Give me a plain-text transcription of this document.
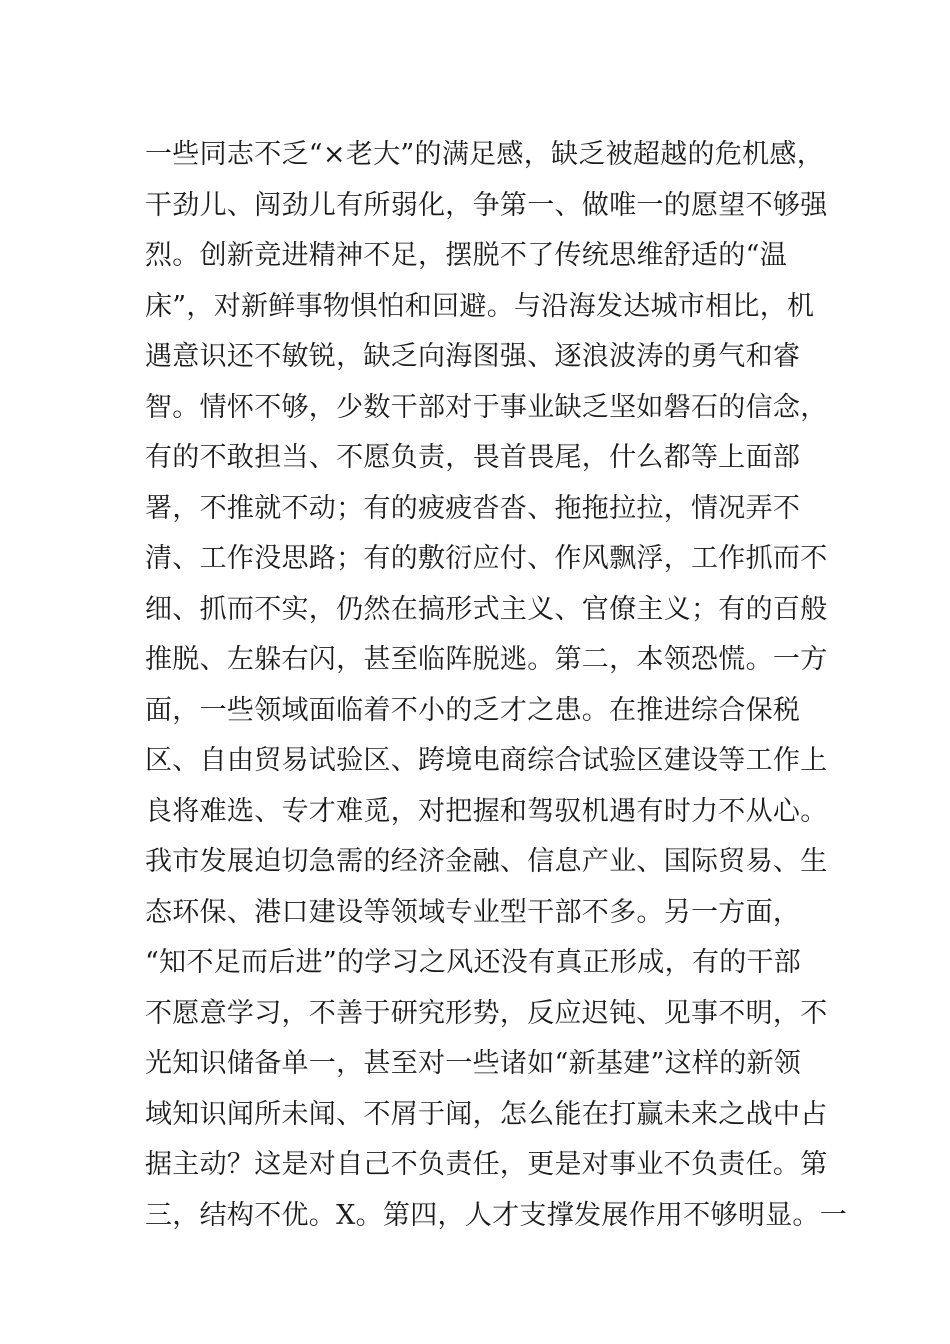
一些同志不乏“×老大”的满足感，缺乏被超越的危机感，
干劲儿、闯劲儿有所弱化，争第一、做唯一的愿望不够强
烈。创新竞进精神不足，摆脱不了传统思维舒适的“温
床”，对新鲜事物惧怕和回避。与沿海发达城市相比，机
遇意识还不敏锐，缺乏向海图强、逐浪波涛的勇气和睿
智。情怀不够，少数干部对于事业缺乏坚如磐石的信念，
有的不敢担当、不愿负责，畏首畏尾，什么都等上面部
署，不推就不动；有的疲疲沓沓、拖拖拉拉，情况弄不
清、工作没思路；有的敷衍应付、作风飘浮，工作抓而不
细、抓而不实，仍然在搞形式主义、官僚主义；有的百般
推脱、左躲右闪，甚至临阵脱逃。第二，本领恐慌。一方
面，一些领域面临着不小的乏才之患。在推进综合保税
区、自由贸易试验区、跨境电商综合试验区建设等工作上
良将难选、专才难觅，对把握和驾驭机遇有时力不从心。
我市发展迫切急需的经济金融、信息产业、国际贸易、生
态环保、港口建设等领域专业型干部不多。另一方面，
“知不足而后进”的学习之风还没有真正形成，有的干部
不愿意学习，不善于研究形势，反应迟钝、见事不明，不
光知识储备单一，甚至对一些诸如“新基建”这样的新领
域知识闻所未闻、不屑于闻，怎么能在打赢未来之战中占
据主动？这是对自己不负责任，更是对事业不负责任。第
三，结构不优。X。第四，人才支撑发展作用不够明显。一
